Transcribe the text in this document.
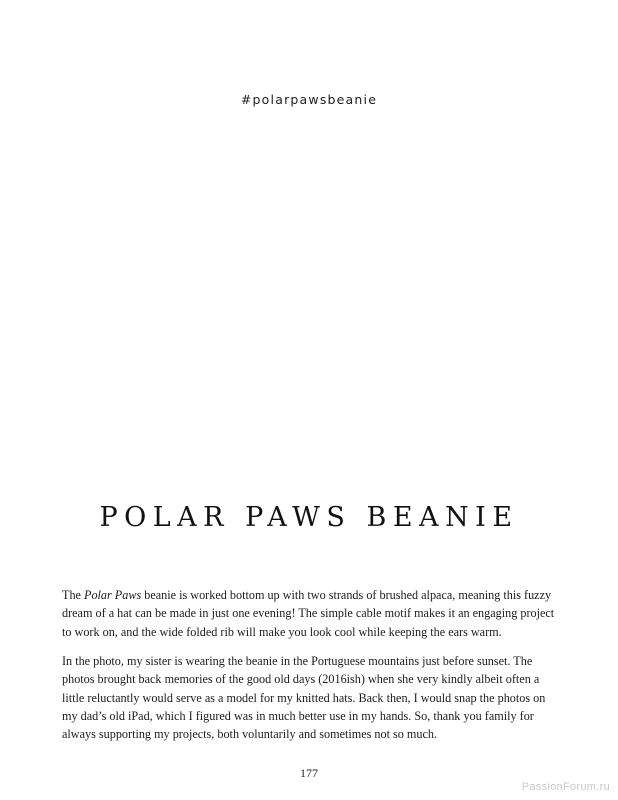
#polarpawsbeanie
POLAR PAWS BEANIE

The Polar Paws beanie is worked bottom up with two strands of brushed alpaca, meaning this fuzzy dream of a hat can be made in just one evening! The simple cable motif makes it an engaging project to work on, and the wide folded rib will make you look cool while keeping the ears warm.

In the photo, my sister is wearing the beanie in the Portuguese mountains just before sunset. The photos brought back memories of the good old days (2016ish) when she very kindly albeit often a little reluctantly would serve as a model for my knitted hats. Back then, I would snap the photos on my dad’s old iPad, which I figured was in much better use in my hands. So, thank you family for always supporting my projects, both voluntarily and sometimes not so much.

177
PassionForum.ru
